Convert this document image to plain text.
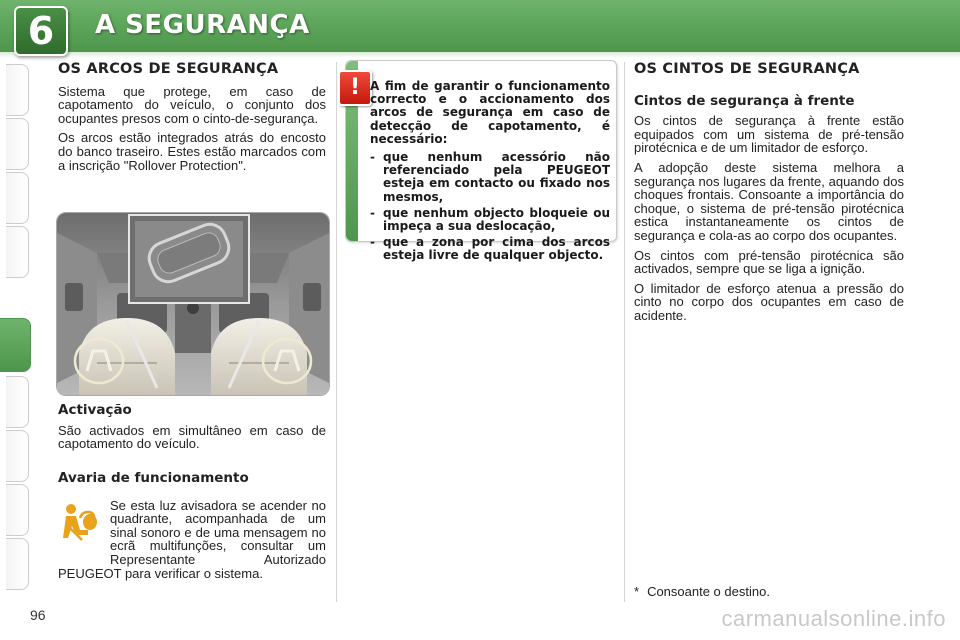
6	A SEGURANÇA
OS ARCOS DE SEGURANÇA

Sistema que protege, em caso de capotamento do veículo, o conjunto dos ocupantes presos com o cinto-de-segurança.

Os arcos estão integrados atrás do encosto do banco traseiro. Estes estão marcados com a inscrição "Rollover Protection".

Activação

São activados em simultâneo em caso de capotamento do veículo.

Avaria de funcionamento

Se esta luz avisadora se acender no quadrante, acompanhada de um sinal sonoro e de uma mensagem no ecrã multifunções, consultar um Representante Autorizado PEUGEOT para verificar o sistema.

! A fim de garantir o funcionamento correcto e o accionamento dos arcos de segurança em caso de detecção de capotamento, é necessário:

- que nenhum acessório não referenciado pela PEUGEOT esteja em contacto ou fixado nos mesmos,
- que nenhum objecto bloqueie ou impeça a sua deslocação,
- que a zona por cima dos arcos esteja livre de qualquer objecto.
OS CINTOS DE SEGURANÇA
Cintos de segurança à frente

Os cintos de segurança à frente estão equipados com um sistema de pré-tensão pirotécnica e de um limitador de esforço.

A adopção deste sistema melhora a segurança nos lugares da frente, aquando dos choques frontais. Consoante a importância do choque, o sistema de pré-tensão pirotécnica estica instantaneamente os cintos de segurança e cola-as ao corpo dos ocupantes.

Os cintos com pré-tensão pirotécnica são activados, sempre que se liga a ignição.

O limitador de esforço atenua a pressão do cinto no corpo dos ocupantes em caso de acidente.

* Consoante o destino.
96	carmanualsonline.info
